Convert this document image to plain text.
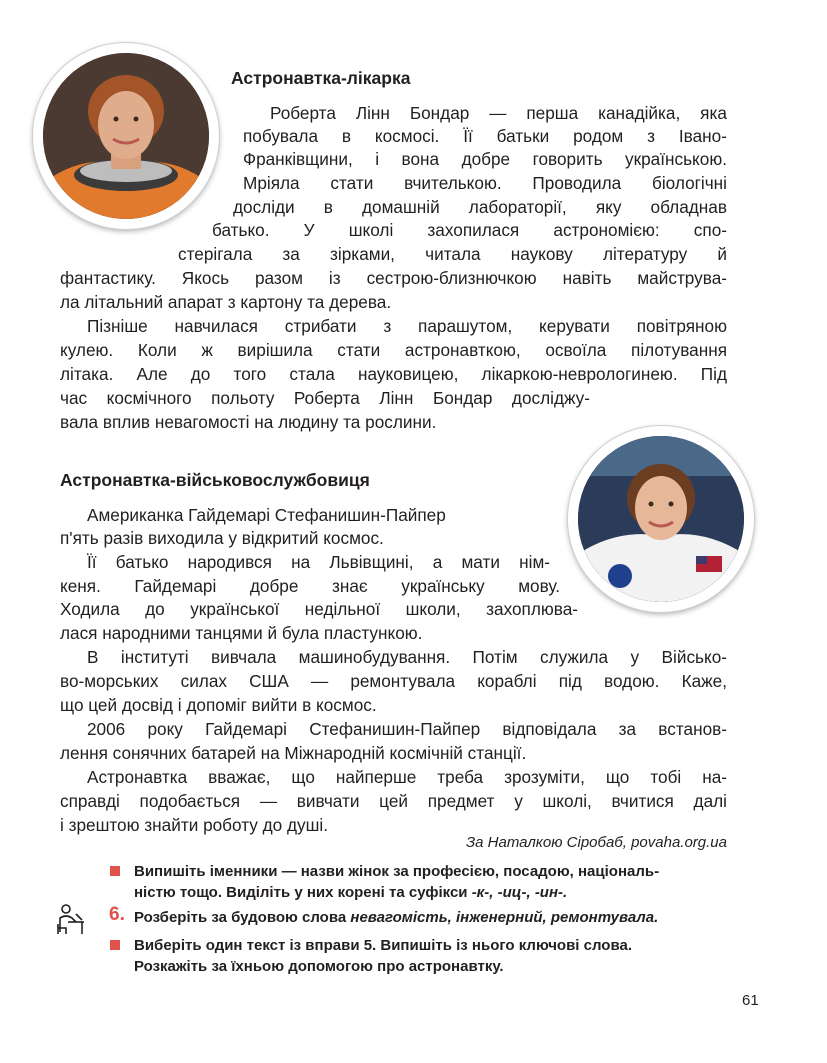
Астронавтка-лікарка
Роберта Лінн Бондар — перша канадійка, яка
побувала в космосі. Її батьки родом з Івано-
Франківщини, і вона добре говорить українською.
Мріяла стати вчителькою. Проводила біологічні
досліди в домашній лабораторії, яку обладнав
батько. У школі захопилася астрономією: спо-
стерігала за зірками, читала наукову літературу й
фантастику. Якось разом із сестрою-близнючкою навіть майструва-
ла літальний апарат з картону та дерева.
Пізніше навчилася стрибати з парашутом, керувати повітряною
кулею. Коли ж вирішила стати астронавткою, освоїла пілотування
літака. Але до того стала науковицею, лікаркою-неврологинею. Під
час космічного польоту Роберта Лінн Бондар досліджу-
вала вплив невагомості на людину та рослини.
Астронавтка-військовослужбовиця
Американка Гайдемарі Стефанишин-Пайпер
п'ять разів виходила у відкритий космос.
Її батько народився на Львівщині, а мати нім-
кеня. Гайдемарі добре знає українську мову.
Ходила до української недільної школи, захоплюва-
лася народними танцями й була пластункою.
В інституті вивчала машинобудування. Потім служила у Військо-
во-морських силах США — ремонтувала кораблі під водою. Каже,
що цей досвід і допоміг вийти в космос.
2006 року Гайдемарі Стефанишин-Пайпер відповідала за встанов-
лення сонячних батарей на Міжнародній космічній станції.
Астронавтка вважає, що найперше треба зрозуміти, що тобі на-
справді подобається — вивчати цей предмет у школі, вчитися далі
і зрештою знайти роботу до душі.
За Наталкою Сіробаб, povaha.org.ua
Випишіть іменники — назви жінок за професією, посадою, національ-
ністю тощо. Виділіть у них корені та суфікси -к-, -иц-, -ин-.
6. Розберіть за будовою слова невагомість, інженерний, ремонтувала.
Виберіть один текст із вправи 5. Випишіть із нього ключові слова.
Розкажіть за їхньою допомогою про астронавтку.
61
